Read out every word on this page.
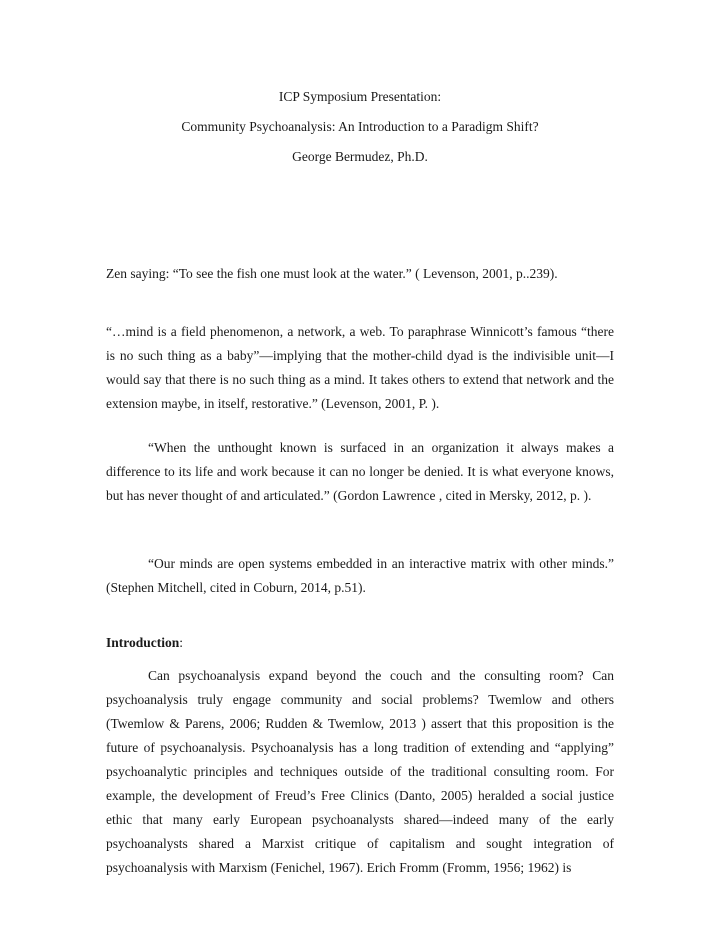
ICP Symposium Presentation:
Community Psychoanalysis: An Introduction to a Paradigm Shift?
George Bermudez, Ph.D.
Zen saying: “To see the fish one must look at the water.” ( Levenson, 2001, p..239).
“…mind is a field phenomenon, a network, a web. To paraphrase Winnicott’s famous “there is no such thing as a baby”—implying that the mother-child dyad is the indivisible unit—I would say that there is no such thing as a mind. It takes others to extend that network and the extension maybe, in itself, restorative.” (Levenson, 2001, P. ).
“When the unthought known is surfaced in an organization it always makes a difference to its life and work because it can no longer be denied. It is what everyone knows, but has never thought of and articulated.” (Gordon Lawrence , cited in Mersky, 2012, p. ).
“Our minds are open systems embedded in an interactive matrix with other minds.” (Stephen Mitchell, cited in Coburn, 2014, p.51).
Introduction:
Can psychoanalysis expand beyond the couch and the consulting room? Can psychoanalysis truly engage community and social problems? Twemlow and others (Twemlow & Parens, 2006; Rudden & Twemlow, 2013 ) assert that this proposition is the future of psychoanalysis. Psychoanalysis has a long tradition of extending and “applying” psychoanalytic principles and techniques outside of the traditional consulting room. For example, the development of Freud’s Free Clinics (Danto, 2005) heralded a social justice ethic that many early European psychoanalysts shared—indeed many of the early psychoanalysts shared a Marxist critique of capitalism and sought integration of psychoanalysis with Marxism (Fenichel, 1967). Erich Fromm (Fromm, 1956; 1962) is
